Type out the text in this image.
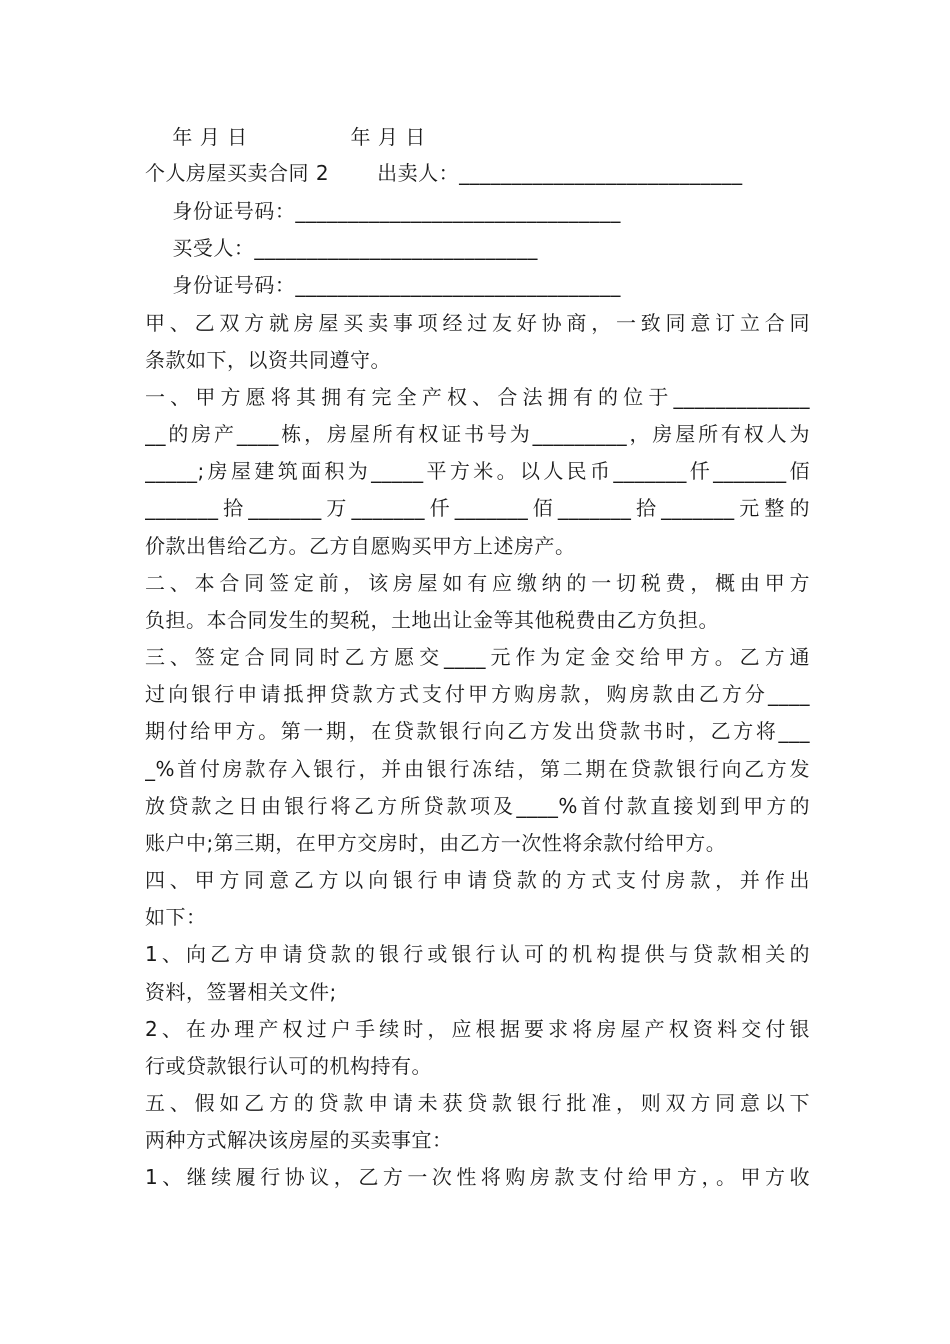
年 月 日               年 月 日
个人房屋买卖合同 2       出卖人：___________________________
身份证号码：_______________________________
买受人：___________________________
身份证号码：_______________________________
甲、乙双方就房屋买卖事项经过友好协商，一致同意订立合同
条款如下，以资共同遵守。
一、甲方愿将其拥有完全产权、合法拥有的位于_____________
__的房产____栋，房屋所有权证书号为_________，房屋所有权人为
_____;房屋建筑面积为_____平方米。以人民币_______仟_______佰
_______拾_______万_______仟_______佰_______拾_______元整的
价款出售给乙方。乙方自愿购买甲方上述房产。
二、本合同签定前，该房屋如有应缴纳的一切税费，概由甲方
负担。本合同发生的契税，土地出让金等其他税费由乙方负担。
三、签定合同同时乙方愿交____元作为定金交给甲方。乙方通
过向银行申请抵押贷款方式支付甲方购房款，购房款由乙方分____
期付给甲方。第一期，在贷款银行向乙方发出贷款书时，乙方将___
_%首付房款存入银行，并由银行冻结，第二期在贷款银行向乙方发
放贷款之日由银行将乙方所贷款项及____%首付款直接划到甲方的
账户中;第三期，在甲方交房时，由乙方一次性将余款付给甲方。
四、甲方同意乙方以向银行申请贷款的方式支付房款，并作出
如下：
1、向乙方申请贷款的银行或银行认可的机构提供与贷款相关的
资料，签署相关文件;
2、在办理产权过户手续时，应根据要求将房屋产权资料交付银
行或贷款银行认可的机构持有。
五、假如乙方的贷款申请未获贷款银行批准，则双方同意以下
两种方式解决该房屋的买卖事宜：
1、继续履行协议，乙方一次性将购房款支付给甲方，。甲方收
